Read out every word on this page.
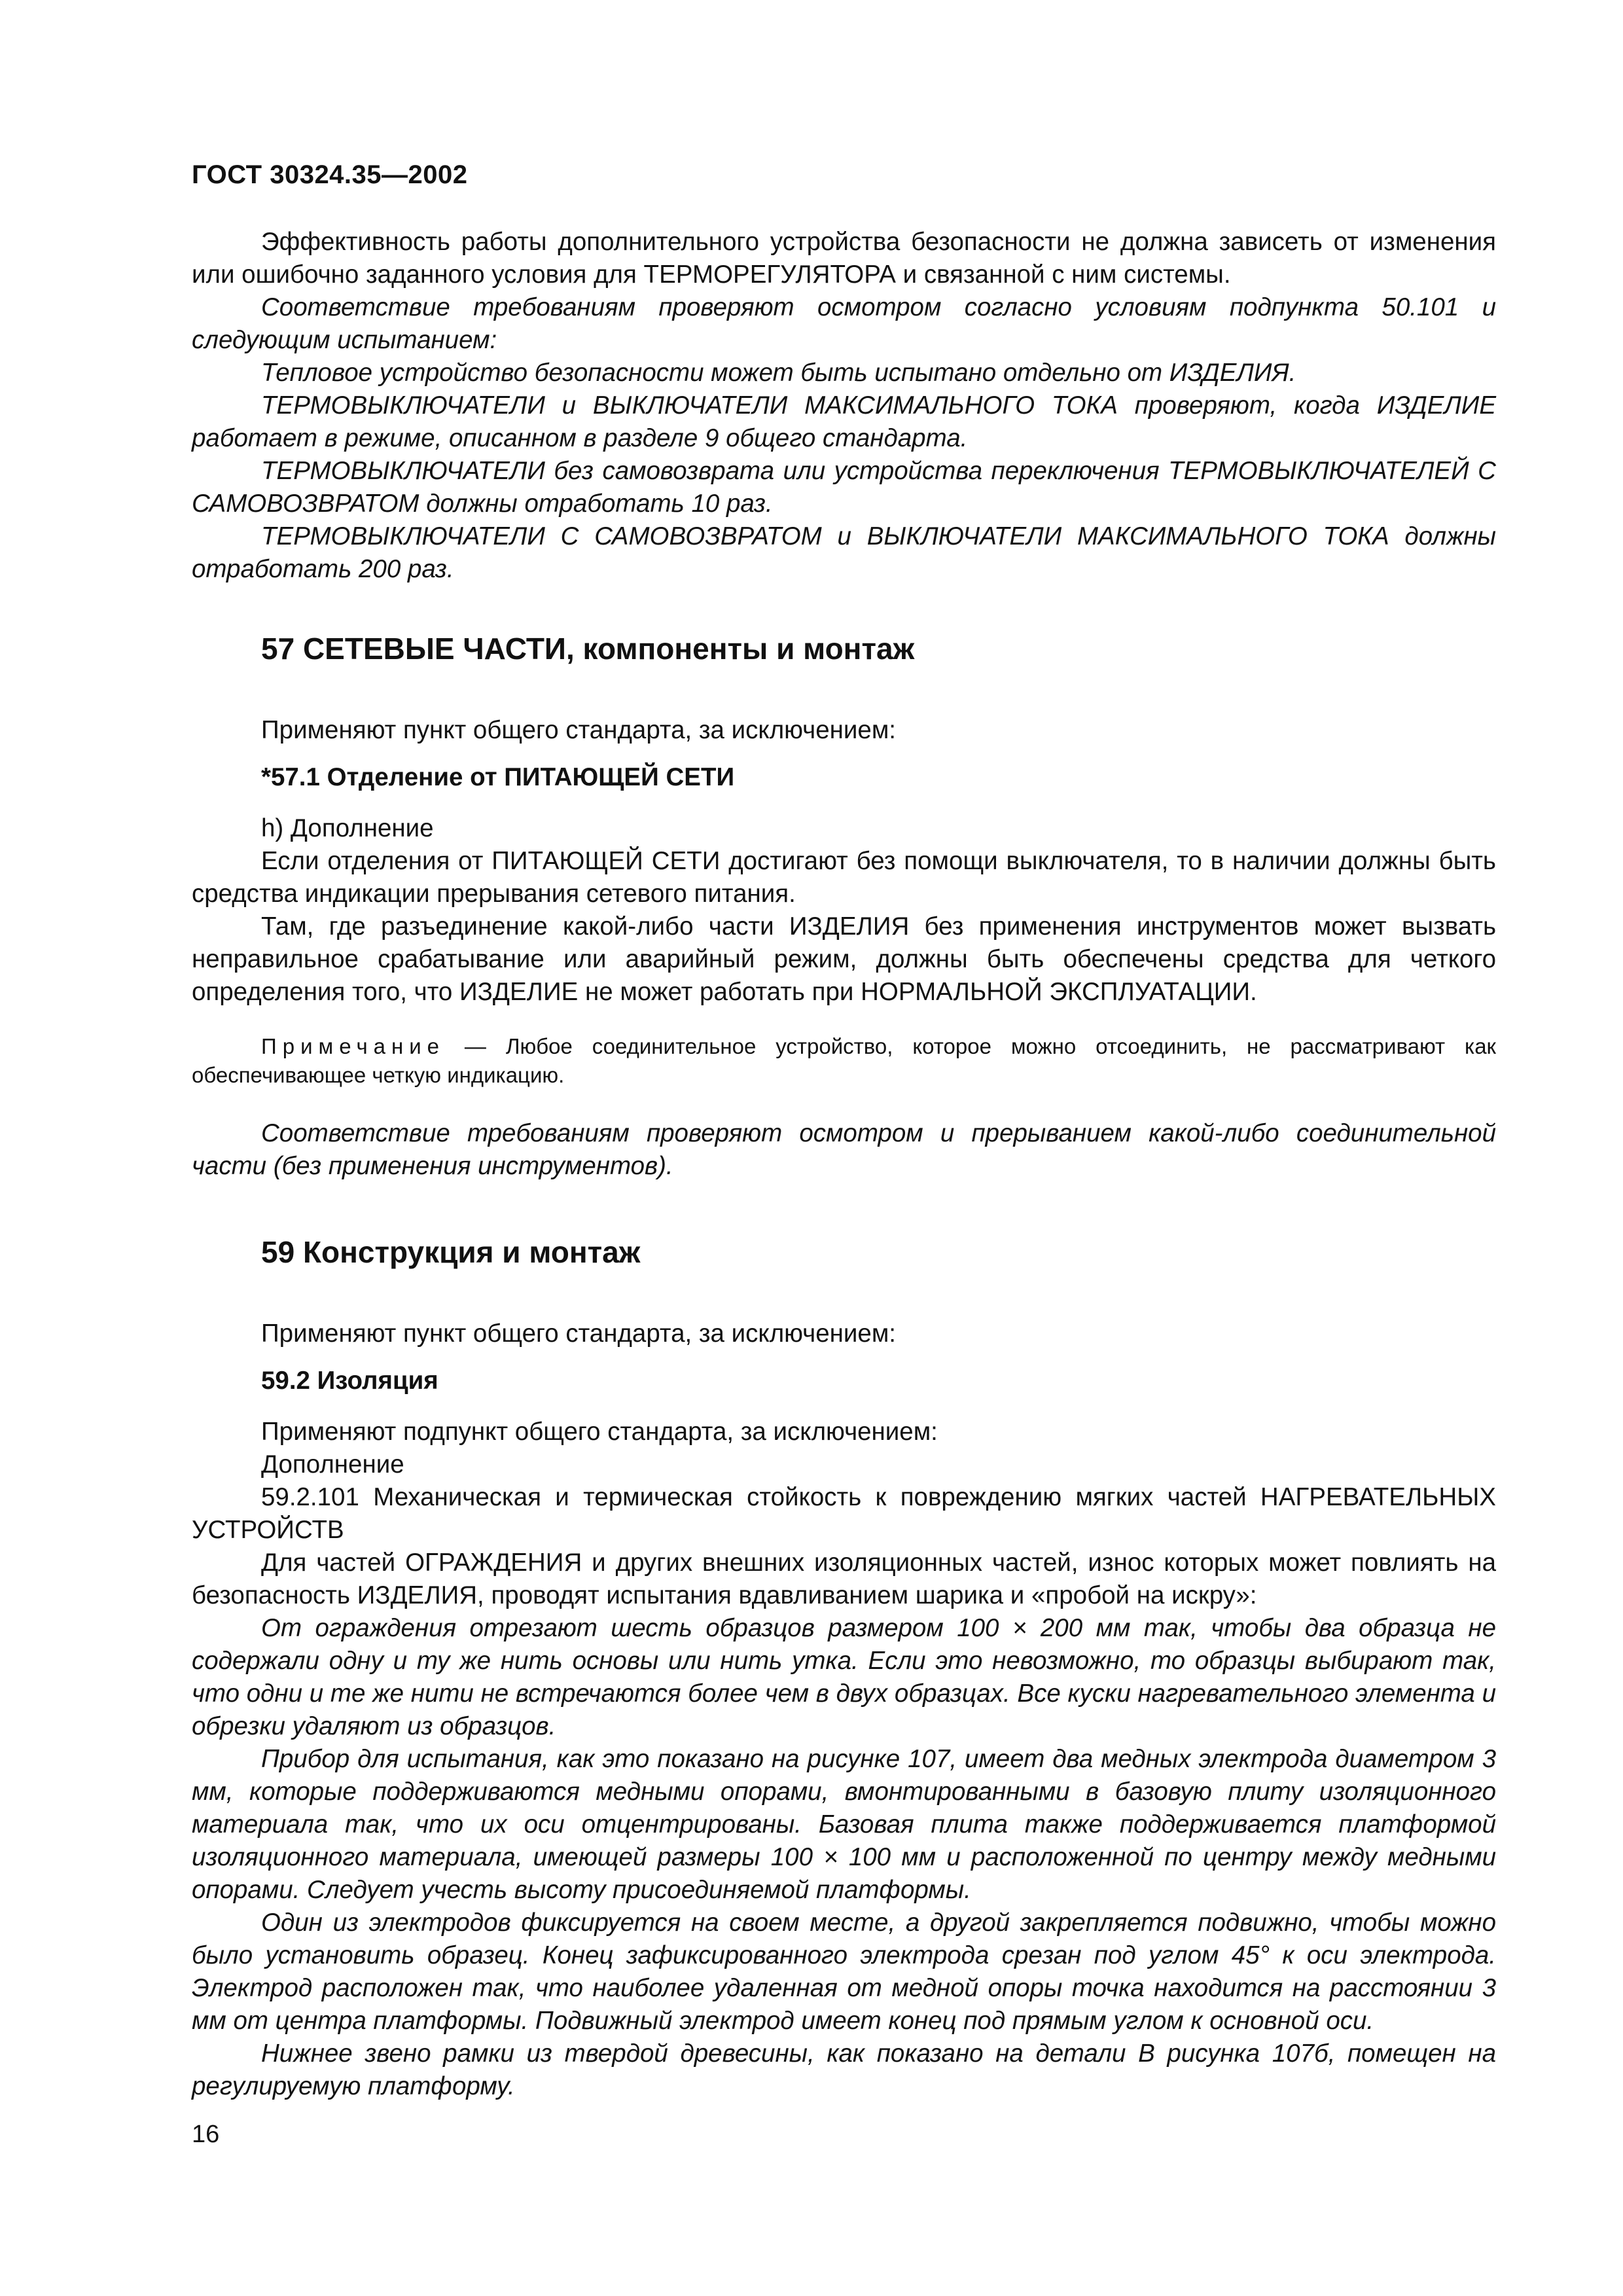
ГОСТ 30324.35—2002

Эффективность работы дополнительного устройства безопасности не должна зависеть от изменения или ошибочно заданного условия для ТЕРМОРЕГУЛЯТОРА и связанной с ним системы.

Соответствие требованиям проверяют осмотром согласно условиям подпункта 50.101 и следующим испытанием:

Тепловое устройство безопасности может быть испытано отдельно от ИЗДЕЛИЯ.

ТЕРМОВЫКЛЮЧАТЕЛИ и ВЫКЛЮЧАТЕЛИ МАКСИМАЛЬНОГО ТОКА проверяют, когда ИЗДЕЛИЕ работает в режиме, описанном в разделе 9 общего стандарта.

ТЕРМОВЫКЛЮЧАТЕЛИ без самовозврата или устройства переключения ТЕРМОВЫКЛЮЧАТЕЛЕЙ С САМОВОЗВРАТОМ должны отработать 10 раз.

ТЕРМОВЫКЛЮЧАТЕЛИ С САМОВОЗВРАТОМ и ВЫКЛЮЧАТЕЛИ МАКСИМАЛЬНОГО ТОКА должны отработать 200 раз.

57 СЕТЕВЫЕ ЧАСТИ, компоненты и монтаж

Применяют пункт общего стандарта, за исключением:

*57.1 Отделение от ПИТАЮЩЕЙ СЕТИ

h) Дополнение

Если отделения от ПИТАЮЩЕЙ СЕТИ достигают без помощи выключателя, то в наличии должны быть средства индикации прерывания сетевого питания.

Там, где разъединение какой-либо части ИЗДЕЛИЯ без применения инструментов может вызвать неправильное срабатывание или аварийный режим, должны быть обеспечены средства для четкого определения того, что ИЗДЕЛИЕ не может работать при НОРМАЛЬНОЙ ЭКСПЛУАТАЦИИ.

Примечание — Любое соединительное устройство, которое можно отсоединить, не рассматривают как обеспечивающее четкую индикацию.

Соответствие требованиям проверяют осмотром и прерыванием какой-либо соединительной части (без применения инструментов).

59 Конструкция и монтаж

Применяют пункт общего стандарта, за исключением:

59.2 Изоляция

Применяют подпункт общего стандарта, за исключением:

Дополнение

59.2.101 Механическая и термическая стойкость к повреждению мягких частей НАГРЕВАТЕЛЬНЫХ УСТРОЙСТВ

Для частей ОГРАЖДЕНИЯ и других внешних изоляционных частей, износ которых может повлиять на безопасность ИЗДЕЛИЯ, проводят испытания вдавливанием шарика и «пробой на искру»:

От ограждения отрезают шесть образцов размером 100 × 200 мм так, чтобы два образца не содержали одну и ту же нить основы или нить утка. Если это невозможно, то образцы выбирают так, что одни и те же нити не встречаются более чем в двух образцах. Все куски нагревательного элемента и обрезки удаляют из образцов.

Прибор для испытания, как это показано на рисунке 107, имеет два медных электрода диаметром 3 мм, которые поддерживаются медными опорами, вмонтированными в базовую плиту изоляционного материала так, что их оси отцентрированы. Базовая плита также поддерживается платформой изоляционного материала, имеющей размеры 100 × 100 мм и расположенной по центру между медными опорами. Следует учесть высоту присоединяемой платформы.

Один из электродов фиксируется на своем месте, а другой закрепляется подвижно, чтобы можно было установить образец. Конец зафиксированного электрода срезан под углом 45° к оси электрода. Электрод расположен так, что наиболее удаленная от медной опоры точка находится на расстоянии 3 мм от центра платформы. Подвижный электрод имеет конец под прямым углом к основной оси.

Нижнее звено рамки из твердой древесины, как показано на детали В рисунка 107б, помещен на регулируемую платформу.

16
